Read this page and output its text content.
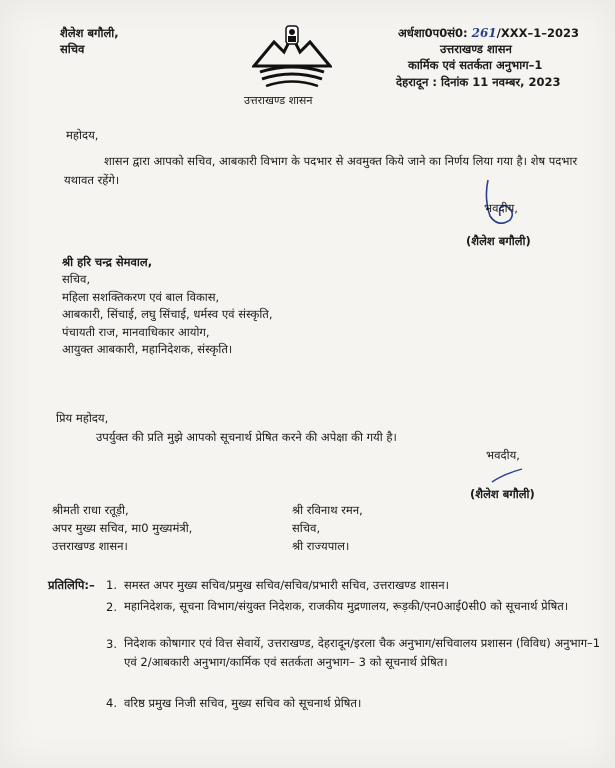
शैलेश बगौली,
सचिव
उत्तराखण्ड शासन
अर्धशा0प0सं0: 261/XXX–1–2023
उत्तराखण्ड शासन
कार्मिक एवं सतर्कता अनुभाग–1
देहरादून : दिनांक 11 नवम्बर, 2023
महोदय,
शासन द्वारा आपको सचिव, आबकारी विभाग के पदभार से अवमुक्त किये जाने का निर्णय लिया गया है। शेष पदभार यथावत रहेंगे।
भवदीय,
(शैलेश बगौली)
श्री हरि चन्द्र सेमवाल,
सचिव,
महिला सशक्तिकरण एवं बाल विकास,
आबकारी, सिंचाई, लघु सिंचाई, धर्मस्व एवं संस्कृति,
पंचायती राज, मानवाधिकार आयोग,
आयुक्त आबकारी, महानिदेशक, संस्कृति।
प्रिय महोदय,
उपर्युक्त की प्रति मुझे आपको सूचनार्थ प्रेषित करने की अपेक्षा की गयी है।
भवदीय,
(शैलेश बगौली)
श्रीमती राधा रतूड़ी,
अपर मुख्य सचिव, मा0 मुख्यमंत्री,
उत्तराखण्ड शासन।
श्री रविनाथ रमन,
सचिव,
श्री राज्यपाल।
प्रतिलिपि:– 1. समस्त अपर मुख्य सचिव/प्रमुख सचिव/सचिव/प्रभारी सचिव, उत्तराखण्ड शासन।
2. महानिदेशक, सूचना विभाग/संयुक्त निदेशक, राजकीय मुद्रणालय, रूड़की/एन0आई0सी0 को सूचनार्थ प्रेषित।
3. निदेशक कोषागार एवं वित्त सेवायें, उत्तराखण्ड, देहरादून/इरला चैक अनुभाग/सचिवालय प्रशासन (विविध) अनुभाग–1 एवं 2/आबकारी अनुभाग/कार्मिक एवं सतर्कता अनुभाग– 3 को सूचनार्थ प्रेषित।
4. वरिष्ठ प्रमुख निजी सचिव, मुख्य सचिव को सूचनार्थ प्रेषित।
